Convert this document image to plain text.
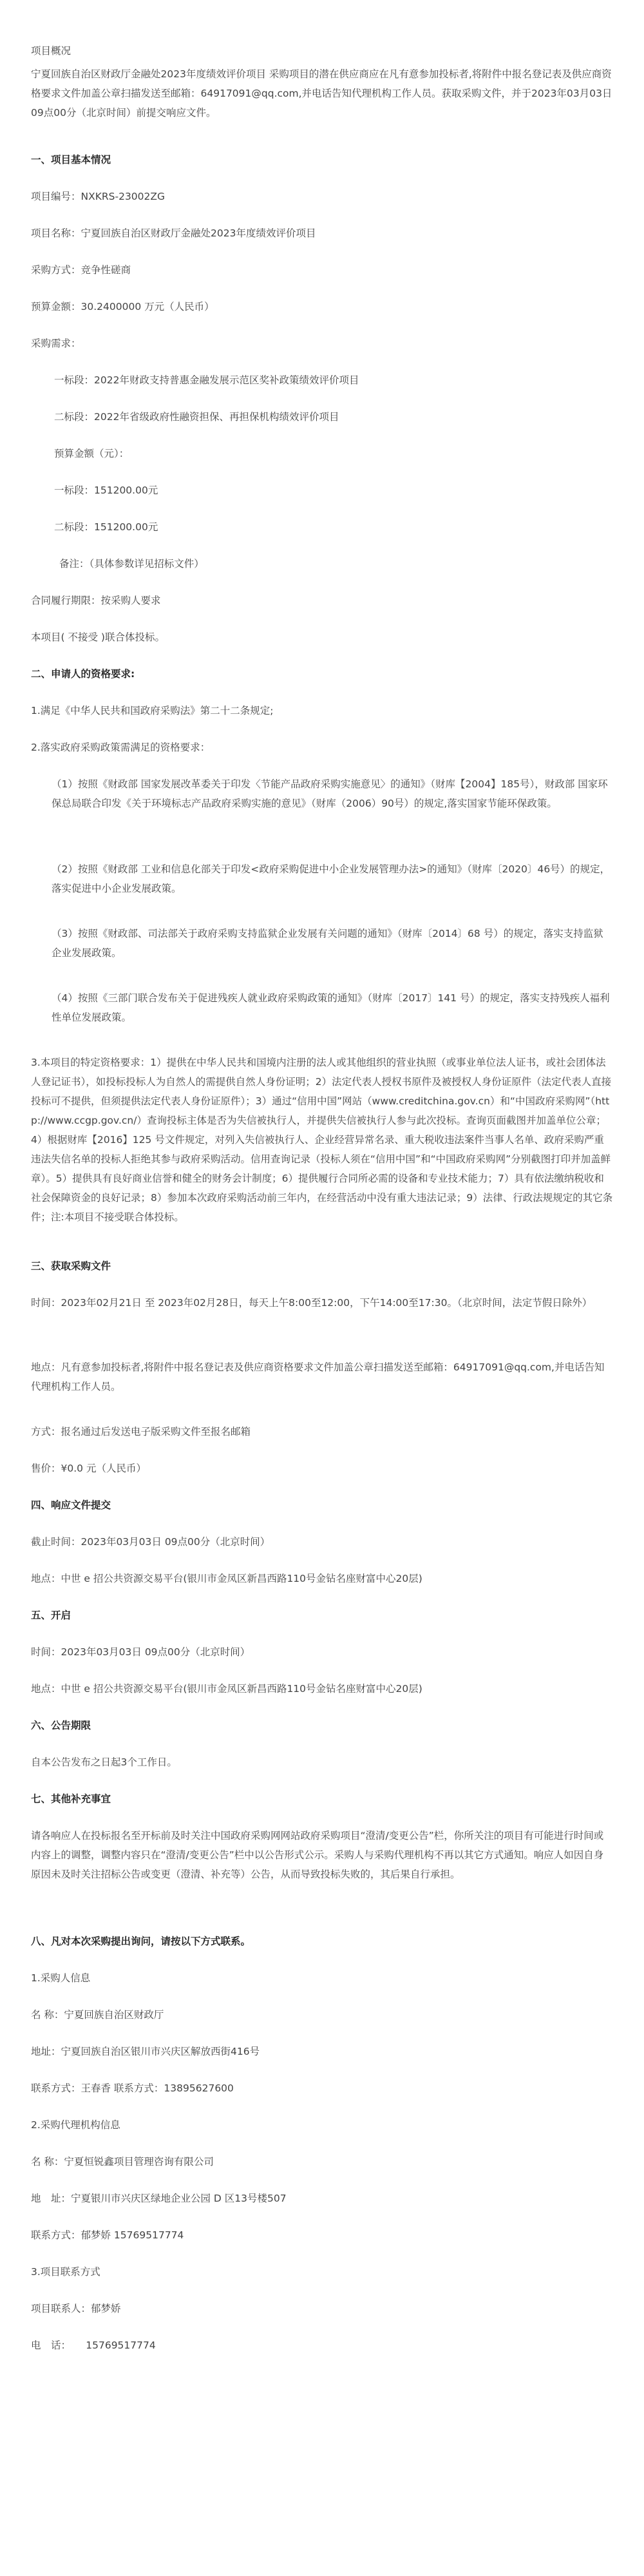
项目概况

宁夏回族自治区财政厅金融处2023年度绩效评价项目 采购项目的潜在供应商应在凡有意参加投标者,将附件中报名登记表及供应商资格要求文件加盖公章扫描发送至邮箱：64917091@qq.com,并电话告知代理机构工作人员。获取采购文件，并于2023年03月03日 09点00分（北京时间）前提交响应文件。

一、项目基本情况

项目编号：NXKRS-23002ZG

项目名称：宁夏回族自治区财政厅金融处2023年度绩效评价项目

采购方式：竞争性磋商

预算金额：30.2400000 万元（人民币）

采购需求：

一标段：2022年财政支持普惠金融发展示范区奖补政策绩效评价项目

二标段：2022年省级政府性融资担保、再担保机构绩效评价项目

预算金额（元）：

一标段：151200.00元

二标段：151200.00元

备注：（具体参数详见招标文件）

合同履行期限：按采购人要求

本项目( 不接受 )联合体投标。

二、申请人的资格要求:

1.满足《中华人民共和国政府采购法》第二十二条规定;

2.落实政府采购政策需满足的资格要求：

（1）按照《财政部 国家发展改革委关于印发〈节能产品政府采购实施意见〉的通知》（财库【2004】185号），财政部 国家环保总局联合印发《关于环境标志产品政府采购实施的意见》（财库（2006）90号）的规定,落实国家节能环保政策。

（2）按照《财政部 工业和信息化部关于印发<政府采购促进中小企业发展管理办法>的通知》（财库〔2020〕46号）的规定，落实促进中小企业发展政策。

（3）按照《财政部、司法部关于政府采购支持监狱企业发展有关问题的通知》（财库〔2014〕68 号）的规定，落实支持监狱企业发展政策。

（4）按照《三部门联合发布关于促进残疾人就业政府采购政策的通知》（财库〔2017〕141 号）的规定，落实支持残疾人福利性单位发展政策。

3.本项目的特定资格要求：1）提供在中华人民共和国境内注册的法人或其他组织的营业执照（或事业单位法人证书，或社会团体法人登记证书），如投标投标人为自然人的需提供自然人身份证明；2）法定代表人授权书原件及被授权人身份证原件（法定代表人直接投标可不提供，但须提供法定代表人身份证原件）；3）通过“信用中国”网站（www.creditchina.gov.cn）和“中国政府采购网”（http://www.ccgp.gov.cn/）查询投标主体是否为失信被执行人，并提供失信被执行人参与此次投标。查询页面截图并加盖单位公章；4）根据财库【2016】125 号文件规定，对列入失信被执行人、企业经营异常名录、重大税收违法案件当事人名单、政府采购严重违法失信名单的投标人拒绝其参与政府采购活动。信用查询记录（投标人须在“信用中国”和“中国政府采购网”分别截图打印并加盖鲜章）。5）提供具有良好商业信誉和健全的财务会计制度；6）提供履行合同所必需的设备和专业技术能力；7）具有依法缴纳税收和社会保障资金的良好记录；8）参加本次政府采购活动前三年内，在经营活动中没有重大违法记录；9）法律、行政法规规定的其它条件；注:本项目不接受联合体投标。

三、获取采购文件

时间：2023年02月21日 至 2023年02月28日，每天上午8:00至12:00，下午14:00至17:30。（北京时间，法定节假日除外）

地点：凡有意参加投标者,将附件中报名登记表及供应商资格要求文件加盖公章扫描发送至邮箱：64917091@qq.com,并电话告知代理机构工作人员。

方式：报名通过后发送电子版采购文件至报名邮箱

售价：¥0.0 元（人民币）

四、响应文件提交

截止时间：2023年03月03日 09点00分（北京时间）

地点：中世 e 招公共资源交易平台(银川市金凤区新昌西路110号金钻名座财富中心20层)

五、开启

时间：2023年03月03日 09点00分（北京时间）

地点：中世 e 招公共资源交易平台(银川市金凤区新昌西路110号金钻名座财富中心20层)

六、公告期限

自本公告发布之日起3个工作日。

七、其他补充事宜

请各响应人在投标报名至开标前及时关注中国政府采购网网站政府采购项目“澄清/变更公告”栏，你所关注的项目有可能进行时间或内容上的调整，调整内容只在“澄清/变更公告”栏中以公告形式公示。采购人与采购代理机构不再以其它方式通知。响应人如因自身原因未及时关注招标公告或变更（澄清、补充等）公告，从而导致投标失败的，其后果自行承担。

八、凡对本次采购提出询问，请按以下方式联系。

1.采购人信息

名 称：宁夏回族自治区财政厅

地址：宁夏回族自治区银川市兴庆区解放西街416号

联系方式：王春香 联系方式：13895627600

2.采购代理机构信息

名 称：宁夏恒锐鑫项目管理咨询有限公司

地　址：宁夏银川市兴庆区绿地企业公园 D 区13号楼507

联系方式：郁梦娇 15769517774

3.项目联系方式

项目联系人：郁梦娇

电　话：　　15769517774
